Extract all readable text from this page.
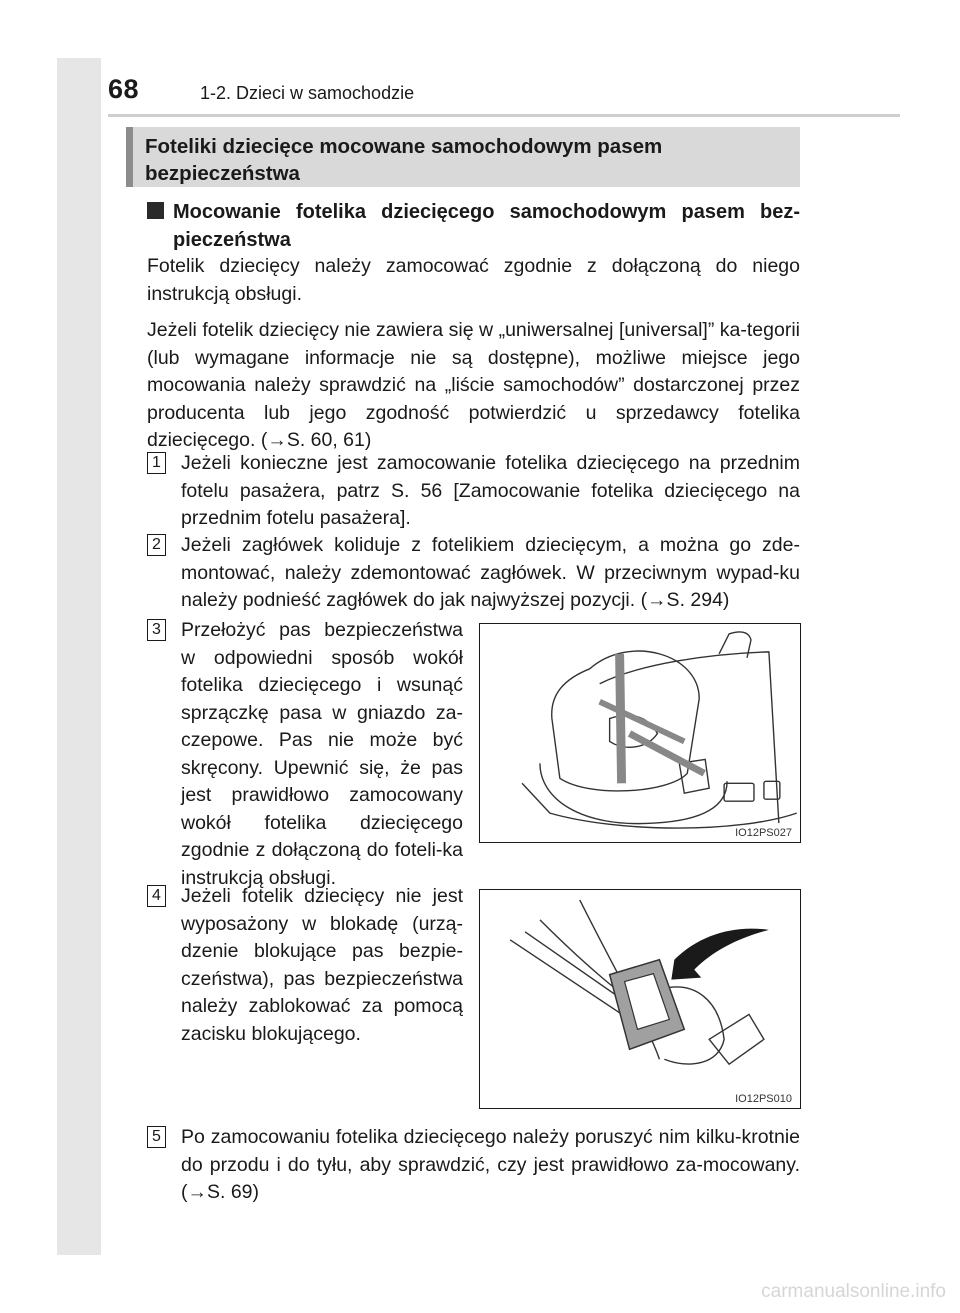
68	1-2. Dzieci w samochodzie
Foteliki dziecięce mocowane samochodowym pasem
bezpieczeństwa
Mocowanie fotelika dziecięcego samochodowym pasem bez-pieczeństwa

Fotelik dziecięcy należy zamocować zgodnie z dołączoną do niego instrukcją obsługi.

Jeżeli fotelik dziecięcy nie zawiera się w „uniwersalnej [universal]” ka-tegorii (lub wymagane informacje nie są dostępne), możliwe miejsce jego mocowania należy sprawdzić na „liście samochodów” dostarczonej przez producenta lub jego zgodność potwierdzić u sprzedawcy fotelika dziecięcego. (→S. 60, 61)

1 Jeżeli konieczne jest zamocowanie fotelika dziecięcego na przednim fotelu pasażera, patrz S. 56 [Zamocowanie fotelika dziecięcego na przednim fotelu pasażera].

2 Jeżeli zagłówek koliduje z fotelikiem dziecięcym, a można go zde-montować, należy zdemontować zagłówek. W przeciwnym wypad-ku należy podnieść zagłówek do jak najwyższej pozycji. (→S. 294)

3 Przełożyć pas bezpieczeństwa w odpowiedni sposób wokół fotelika dziecięcego i wsunąć sprzączkę pasa w gniazdo za-czepowe. Pas nie może być skręcony. Upewnić się, że pas jest prawidłowo zamocowany wokół fotelika dziecięcego zgodnie z dołączoną do foteli-ka instrukcją obsługi.

IO12PS027
4 Jeżeli fotelik dziecięcy nie jest wyposażony w blokadę (urzą-dzenie blokujące pas bezpie-czeństwa), pas bezpieczeństwa należy zablokować za pomocą zacisku blokującego.

IO12PS010
5 Po zamocowaniu fotelika dziecięcego należy poruszyć nim kilku-krotnie do przodu i do tyłu, aby sprawdzić, czy jest prawidłowo za-mocowany. (→S. 69)

carmanualsonline.info
